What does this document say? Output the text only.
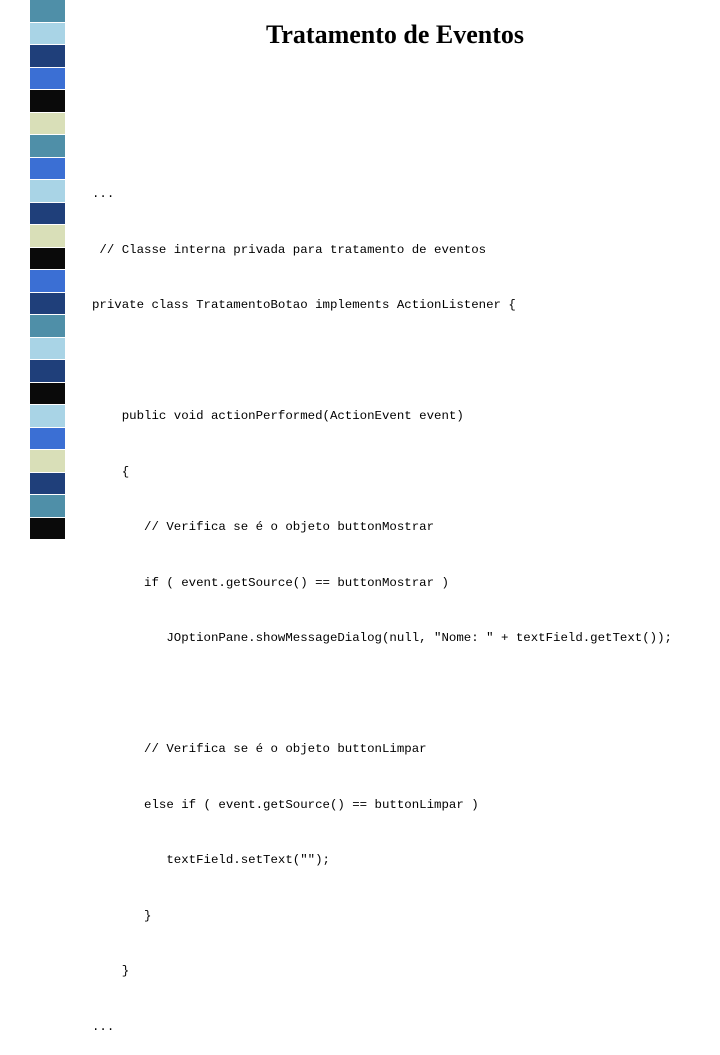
Tratamento de Eventos

...

// Classe interna privada para tratamento de eventos

private class TratamentoBotao implements ActionListener {

public void actionPerformed(ActionEvent event)

{

// Verifica se é o objeto buttonMostrar

if ( event.getSource() == buttonMostrar )

JOptionPane.showMessageDialog(null, "Nome: " + textField.getText());

// Verifica se é o objeto buttonLimpar

else if ( event.getSource() == buttonLimpar )

textField.setText("");

}

}

...
